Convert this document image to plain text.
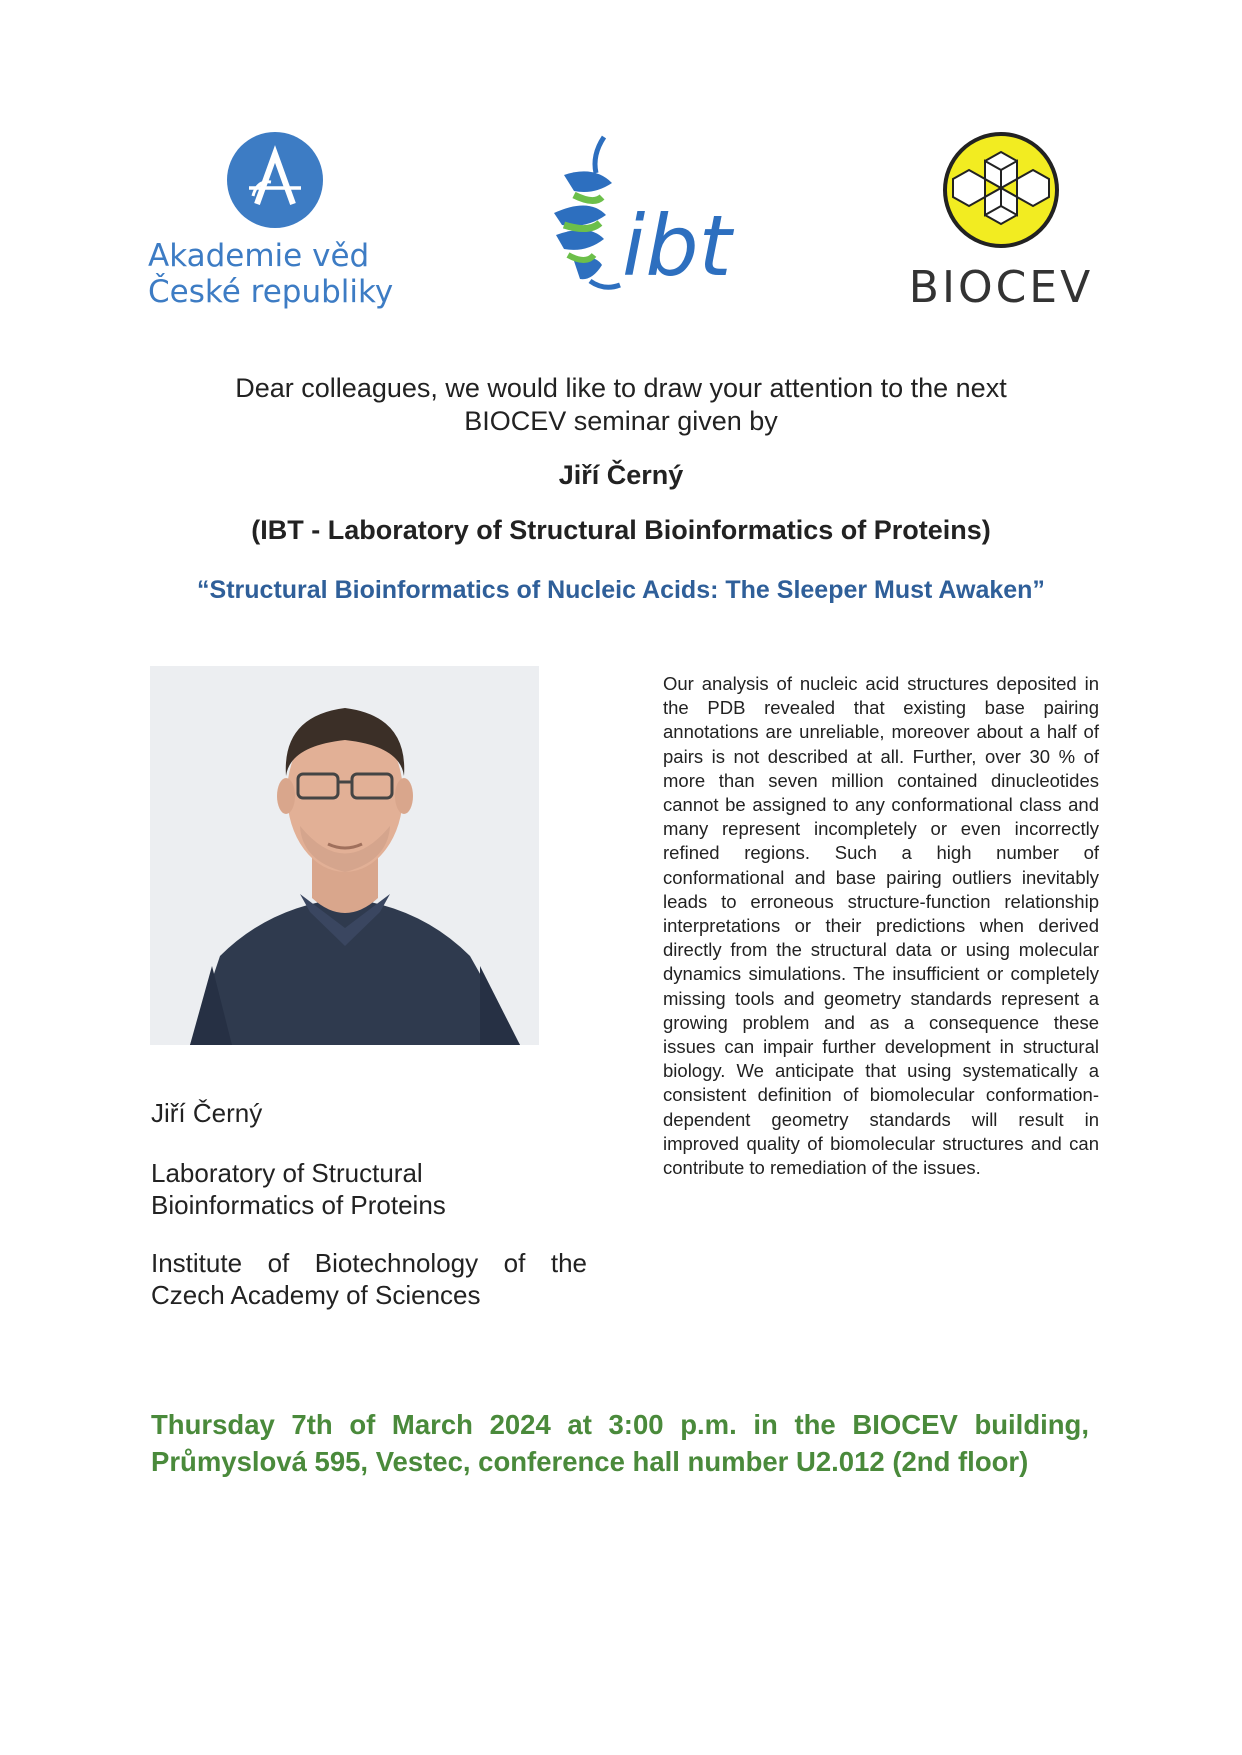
Akademie věd
České republiky	ibt	BIOCEV
Dear colleagues, we would like to draw your attention to the next BIOCEV seminar given by
Jiří Černý
(IBT - Laboratory of Structural Bioinformatics of Proteins)
“Structural Bioinformatics of Nucleic Acids: The Sleeper Must Awaken”
Our analysis of nucleic acid structures deposited in the PDB revealed that existing base pairing annotations are unreliable, moreover about a half of pairs is not described at all. Further, over 30 % of more than seven million contained dinucleotides cannot be assigned to any conformational class and many represent incompletely or even incorrectly refined regions. Such a high number of conformational and base pairing outliers inevitably leads to erroneous structure-function relationship interpretations or their predictions when derived directly from the structural data or using molecular dynamics simulations. The insufficient or completely missing tools and geometry standards represent a growing problem and as a consequence these issues can impair further development in structural biology. We anticipate that using systematically a consistent definition of biomolecular conformation-dependent geometry standards will result in improved quality of biomolecular structures and can contribute to remediation of the issues.
Jiří Černý
Laboratory of Structural Bioinformatics of Proteins
Institute of Biotechnology of the
Czech Academy of Sciences
Thursday 7th of March 2024 at 3:00 p.m. in the BIOCEV building,
Průmyslová 595, Vestec, conference hall number U2.012 (2nd floor)
